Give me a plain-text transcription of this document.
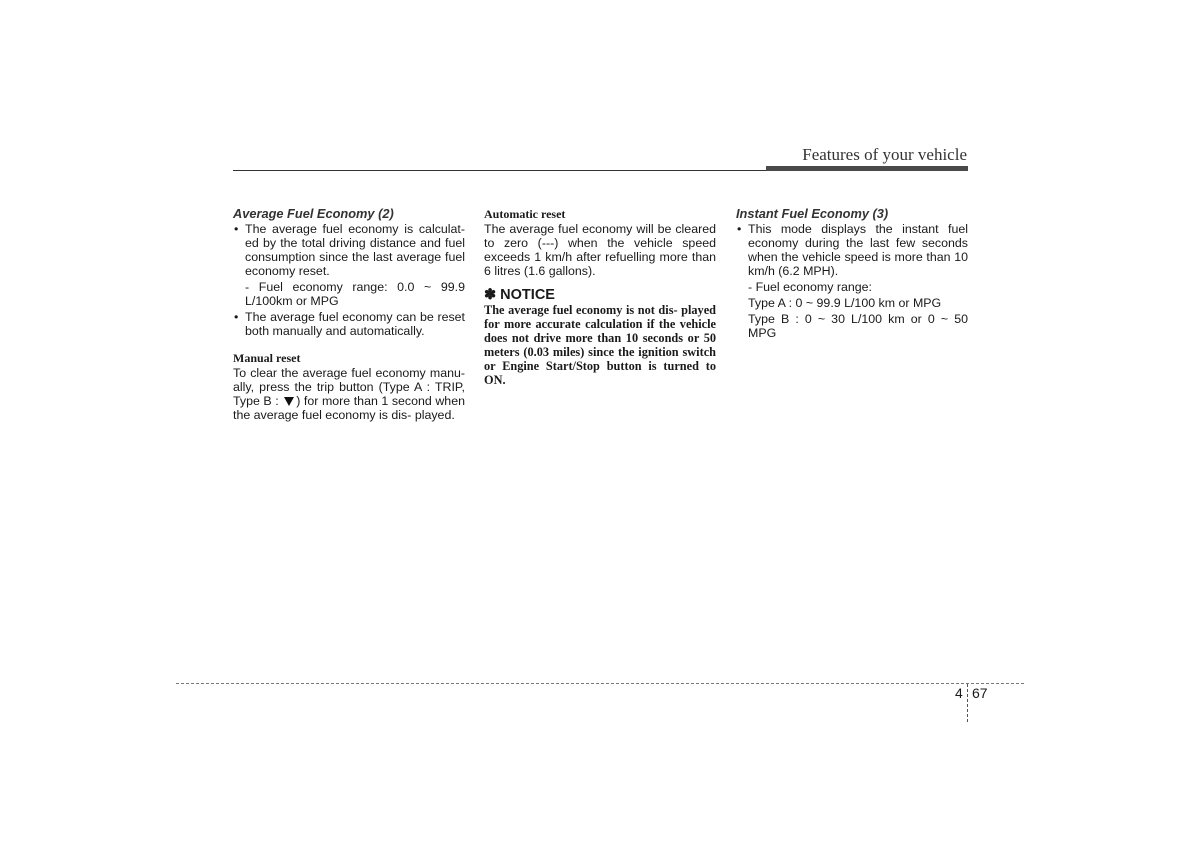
Features of your vehicle
Average Fuel Economy (2)
• The average fuel economy is calculat- ed by the total driving distance and fuel consumption since the last average fuel economy reset.
- Fuel economy range: 0.0 ~ 99.9 L/100km or MPG
• The average fuel economy can be reset both manually and automatically.
Manual reset

To clear the average fuel economy manu- ally, press the trip button (Type A : TRIP, Type B : ) for more than 1 second when the average fuel economy is dis- played.

Automatic reset

The average fuel economy will be cleared to zero (---) when the vehicle speed exceeds 1 km/h after refuelling more than 6 litres (1.6 gallons).

✽ NOTICE

The average fuel economy is not dis- played for more accurate calculation if the vehicle does not drive more than 10 seconds or 50 meters (0.03 miles) since the ignition switch or Engine Start/Stop button is turned to ON.

Instant Fuel Economy (3)
• This mode displays the instant fuel economy during the last few seconds when the vehicle speed is more than 10 km/h (6.2 MPH).
- Fuel economy range:
Type A : 0 ~ 99.9 L/100 km or MPG
Type B : 0 ~ 30 L/100 km or 0 ~ 50 MPG
4 67
